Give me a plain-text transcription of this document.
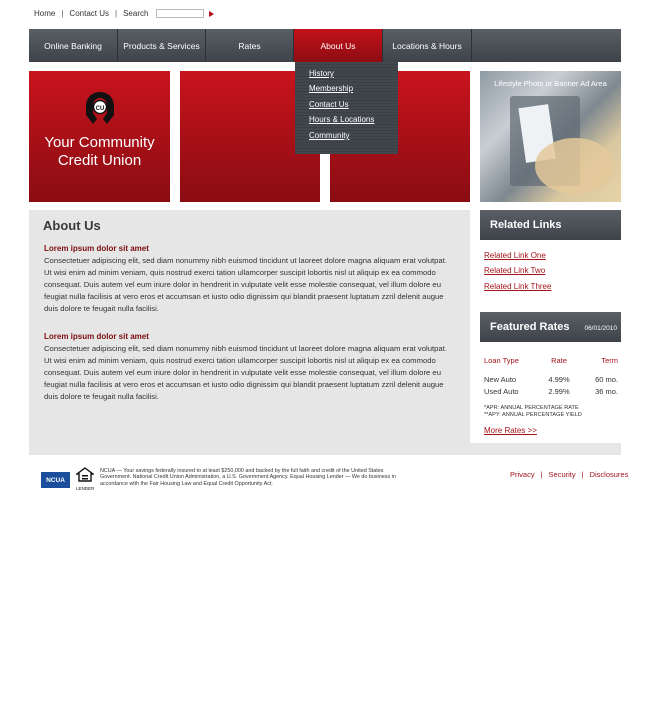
Home | Contact Us | Search
Online Banking	Products & Services	Rates	About Us	Locations & Hours
History
Membership
Contact Us
Hours & Locations
Community
CU
Your Community
Credit Union
Lifestyle Photo or Banner Ad Area
About Us
Lorem ipsum dolor sit amet
Consectetuer adipiscing elit, sed diam nonummy nibh euismod tincidunt ut laoreet dolore magna aliquam erat volutpat. Ut wisi enim ad minim veniam, quis nostrud exerci tation ullamcorper suscipit lobortis nisl ut aliquip ex ea commodo consequat. Duis autem vel eum iriure dolor in hendrerit in vulputate velit esse molestie consequat, vel illum dolore eu feugiat nulla facilisis at vero eros et accumsan et iusto odio dignissim qui blandit praesent luptatum zzril delenit augue duis dolore te feugait nulla facilisi.
Lorem ipsum dolor sit amet
Consectetuer adipiscing elit, sed diam nonummy nibh euismod tincidunt ut laoreet dolore magna aliquam erat volutpat. Ut wisi enim ad minim veniam, quis nostrud exerci tation ullamcorper suscipit lobortis nisl ut aliquip ex ea commodo consequat. Duis autem vel eum iriure dolor in hendrerit in vulputate velit esse molestie consequat, vel illum dolore eu feugiat nulla facilisis at vero eros et accumsan et iusto odio dignissim qui blandit praesent luptatum zzril delenit augue duis dolore te feugait nulla facilisi.
Related Links
Related Link One
Related Link Two
Related Link Three
Featured Rates 06/01/2010
Loan Type	Rate	Term
New Auto	4.99%	60 mo.
Used Auto	2.99%	36 mo.
*APR: ANNUAL PERCENTAGE RATE
**APY: ANNUAL PERCENTAGE YIELD
More Rates >>
NCUA
LENDER
NCUA — Your savings federally insured to at least $250,000 and backed by the full faith and credit of the United States Government. National Credit Union Administration, a U.S. Government Agency. Equal Housing Lender — We do business in accordance with the Fair Housing Law and Equal Credit Opportunity Act.
Privacy | Security | Disclosures
